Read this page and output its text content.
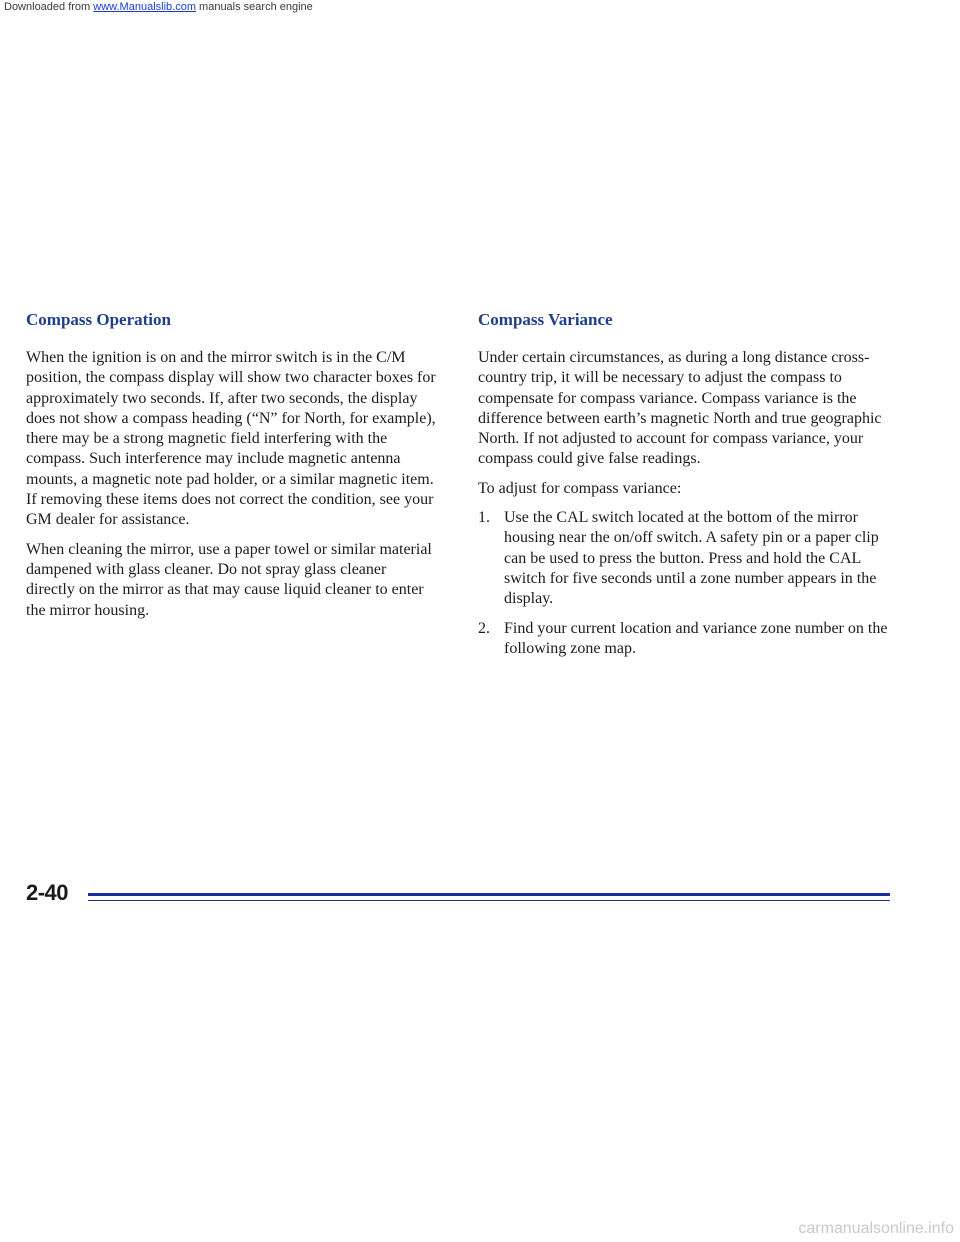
Downloaded from www.Manualslib.com manuals search engine
Compass Operation

When the ignition is on and the mirror switch is in the C/M position, the compass display will show two character boxes for approximately two seconds. If, after two seconds, the display does not show a compass heading (“N” for North, for example), there may be a strong magnetic field interfering with the compass. Such interference may include magnetic antenna mounts, a magnetic note pad holder, or a similar magnetic item. If removing these items does not correct the condition, see your GM dealer for assistance.

When cleaning the mirror, use a paper towel or similar material dampened with glass cleaner. Do not spray glass cleaner directly on the mirror as that may cause liquid cleaner to enter the mirror housing.

Compass Variance

Under certain circumstances, as during a long distance cross-country trip, it will be necessary to adjust the compass to compensate for compass variance. Compass variance is the difference between earth’s magnetic North and true geographic North. If not adjusted to account for compass variance, your compass could give false readings.

To adjust for compass variance:

1. Use the CAL switch located at the bottom of the mirror housing near the on/off switch. A safety pin or a paper clip can be used to press the button. Press and hold the CAL switch for five seconds until a zone number appears in the display.
2. Find your current location and variance zone number on the following zone map.
2-40
carmanualsonline.info
